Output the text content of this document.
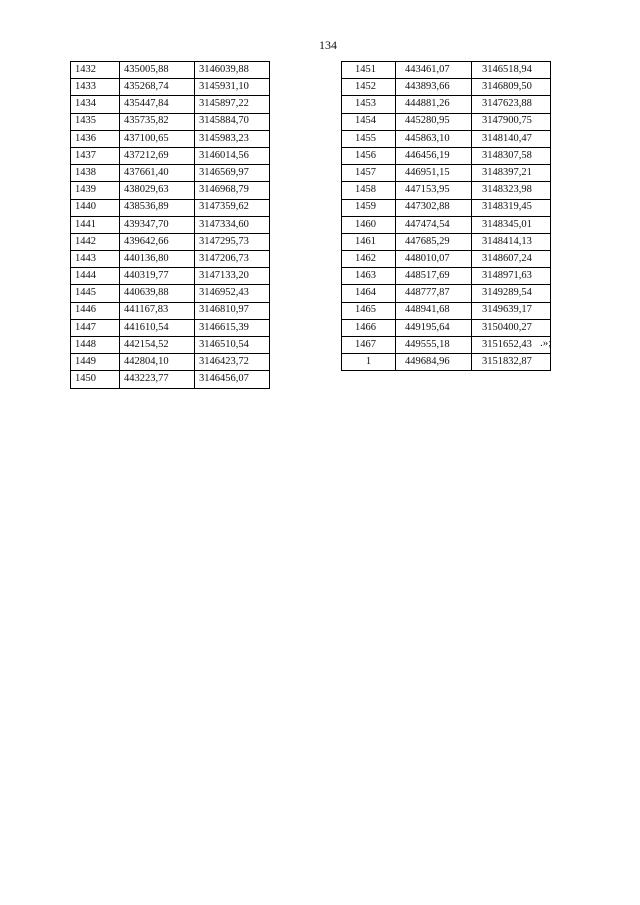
134
1432	435005,88	3146039,88
1433	435268,74	3145931,10
1434	435447,84	3145897,22
1435	435735,82	3145884,70
1436	437100,65	3145983,23
1437	437212,69	3146014,56
1438	437661,40	3146569,97
1439	438029,63	3146968,79
1440	438536,89	3147359,62
1441	439347,70	3147334,60
1442	439642,66	3147295,73
1443	440136,80	3147206,73
1444	440319,77	3147133,20
1445	440639,88	3146952,43
1446	441167,83	3146810,97
1447	441610,54	3146615,39
1448	442154,52	3146510,54
1449	442804,10	3146423,72
1450	443223,77	3146456,07
1451	443461,07	3146518,94
1452	443893,66	3146809,50
1453	444881,26	3147623,88
1454	445280,95	3147900,75
1455	445863,10	3148140,47
1456	446456,19	3148307,58
1457	446951,15	3148397,21
1458	447153,95	3148323,98
1459	447302,88	3148319,45
1460	447474,54	3148345,01
1461	447685,29	3148414,13
1462	448010,07	3148607,24
1463	448517,69	3148971,63
1464	448777,87	3149289,54
1465	448941,68	3149639,17
1466	449195,64	3150400,27
1467	449555,18	3151652,43
1	449684,96	3151832,87
.»;
